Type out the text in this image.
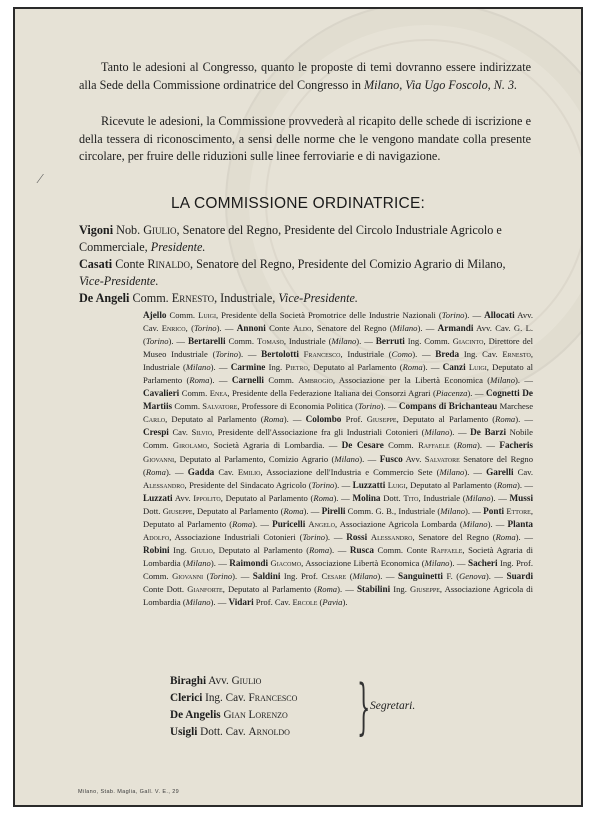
Tanto le adesioni al Congresso, quanto le proposte di temi dovranno essere indirizzate alla Sede della Commissione ordinatrice del Congresso in Milano, Via Ugo Foscolo, N. 3.

Ricevute le adesioni, la Commissione provvederà al ricapito delle schede di iscrizione e della tessera di riconoscimento, a sensi delle norme che le vengono mandate colla presente circolare, per fruire delle riduzioni sulle linee ferroviarie e di navigazione.

⁄
LA COMMISSIONE ORDINATRICE:

Vigoni Nob. Giulio, Senatore del Regno, Presidente del Circolo Industriale Agricolo e Commerciale, Presidente.

Casati Conte Rinaldo, Senatore del Regno, Presidente del Comizio Agrario di Milano, Vice-Presidente.

De Angeli Comm. Ernesto, Industriale, Vice-Presidente.

Ajello Comm. Luigi, Presidente della Società Promotrice delle Industrie Nazionali (Torino). — Allocati Avv. Cav. Enrico, (Torino). — Annoni Conte Aldo, Senatore del Regno (Milano). — Armandi Avv. Cav. G. L. (Torino). — Bertarelli Comm. Tomaso, Industriale (Milano). — Berruti Ing. Comm. Giacinto, Direttore del Museo Industriale (Torino). — Bertolotti Francesco, Industriale (Como). — Breda Ing. Cav. Ernesto, Industriale (Milano). — Carmine Ing. Pietro, Deputato al Parlamento (Roma). — Canzi Luigi, Deputato al Parlamento (Roma). — Carnelli Comm. Ambrogio, Associazione per la Libertà Economica (Milano). — Cavalieri Comm. Enea, Presidente della Federazione Italiana dei Consorzi Agrari (Piacenza). — Cognetti De Martiis Comm. Salvatore, Professore di Economia Politica (Torino). — Compans di Brichanteau Marchese Carlo, Deputato al Parlamento (Roma). — Colombo Prof. Giuseppe, Deputato al Parlamento (Roma). — Crespi Cav. Silvio, Presidente dell'Associazione fra gli Industriali Cotonieri (Milano). — De Barzi Nobile Comm. Girolamo, Società Agraria di Lombardia. — De Cesare Comm. Raffaele (Roma). — Facheris Giovanni, Deputato al Parlamento, Comizio Agrario (Milano). — Fusco Avv. Salvatore Senatore del Regno (Roma). — Gadda Cav. Emilio, Associazione dell'Industria e Commercio Sete (Milano). — Garelli Cav. Alessandro, Presidente del Sindacato Agricolo (Torino). — Luzzatti Luigi, Deputato al Parlamento (Roma). — Luzzati Avv. Ippolito, Deputato al Parlamento (Roma). — Molina Dott. Tito, Industriale (Milano). — Mussi Dott. Giuseppe, Deputato al Parlamento (Roma). — Pirelli Comm. G. B., Industriale (Milano). — Ponti Ettore, Deputato al Parlamento (Roma). — Puricelli Angelo, Associazione Agricola Lombarda (Milano). — Planta Adolfo, Associazione Industriali Cotonieri (Torino). — Rossi Alessandro, Senatore del Regno (Roma). — Robini Ing. Giulio, Deputato al Parlamento (Roma). — Rusca Comm. Conte Raffaele, Società Agraria di Lombardia (Milano). — Raimondi Giacomo, Associazione Libertà Economica (Milano). — Sacheri Ing. Prof. Comm. Giovanni (Torino). — Saldini Ing. Prof. Cesare (Milano). — Sanguinetti F. (Genova). — Suardi Conte Dott. Gianforte, Deputato al Parlamento (Roma). — Stabilini Ing. Giuseppe, Associazione Agricola di Lombardia (Milano). — Vidari Prof. Cav. Ercole (Pavia).

Biraghi Avv. Giulio
Clerici Ing. Cav. Francesco
De Angelis Gian Lorenzo
Usigli Dott. Cav. Arnoldo	} Segretari.
Milano, Stab. Maglia, Gall. V. E., 29
